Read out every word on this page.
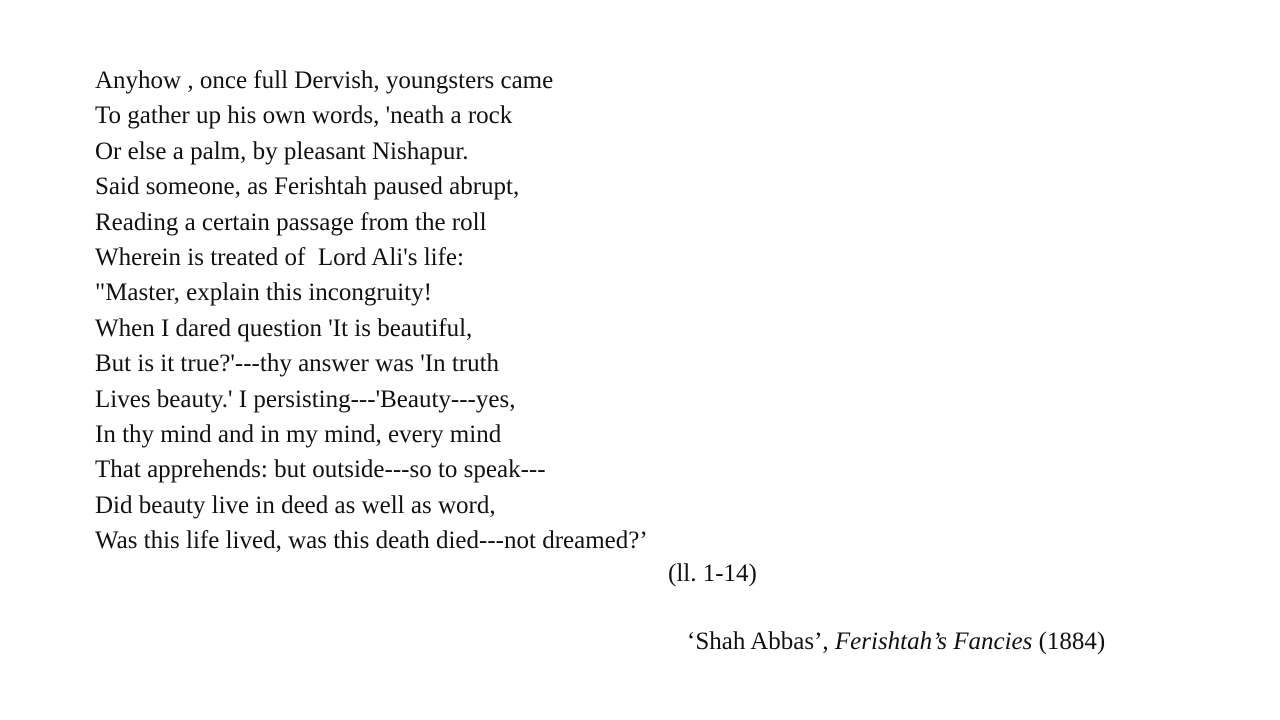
Anyhow , once full Dervish, youngsters came
To gather up his own words, 'neath a rock
Or else a palm, by pleasant Nishapur.
Said someone, as Ferishtah paused abrupt,
Reading a certain passage from the roll
Wherein is treated of  Lord Ali's life:
"Master, explain this incongruity!
When I dared question 'It is beautiful,
But is it true?'---thy answer was 'In truth
Lives beauty.' I persisting---'Beauty---yes,
In thy mind and in my mind, every mind
That apprehends: but outside---so to speak---
Did beauty live in deed as well as word,
Was this life lived, was this death died---not dreamed?’
(ll. 1-14)
‘Shah Abbas’, Ferishtah’s Fancies (1884)
